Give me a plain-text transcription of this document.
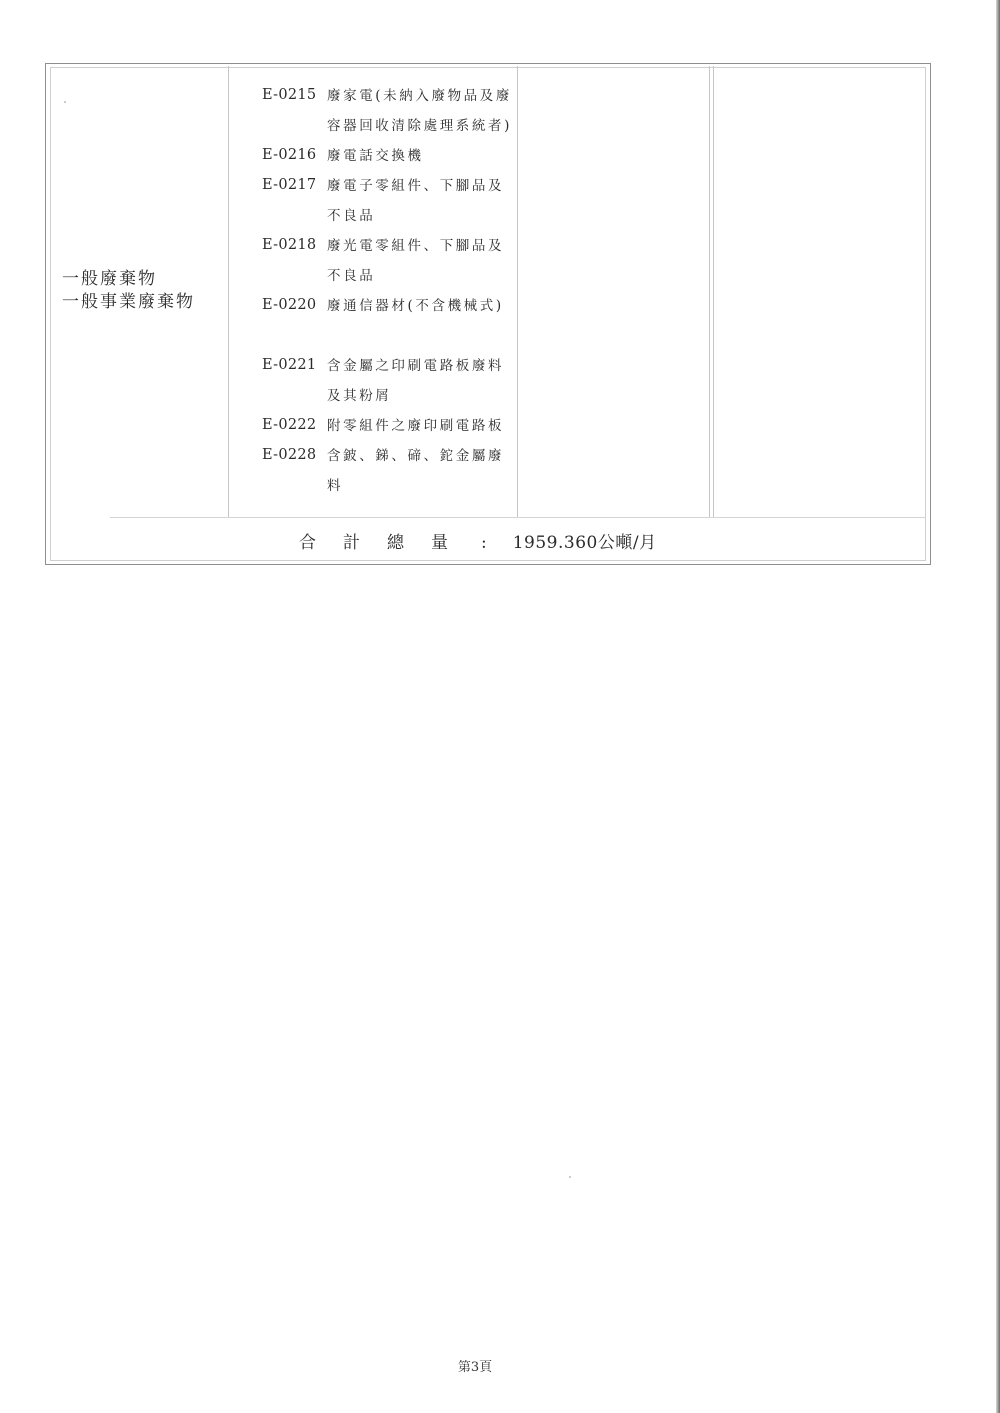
一般廢棄物
一般事業廢棄物
E-0215
E-0216
E-0217
E-0218
E-0220
E-0221
E-0222
E-0228
廢家電(未納入廢物品及廢容器回收清除處理系統者)
廢電話交換機
廢電子零組件、下腳品及不良品
廢光電零組件、下腳品及不良品
廢通信器材(不含機械式)
含金屬之印刷電路板廢料及其粉屑
附零組件之廢印刷電路板
含鈹、銻、碲、鉈金屬廢料
合計總量 : 1959.360公噸/月
第3頁
